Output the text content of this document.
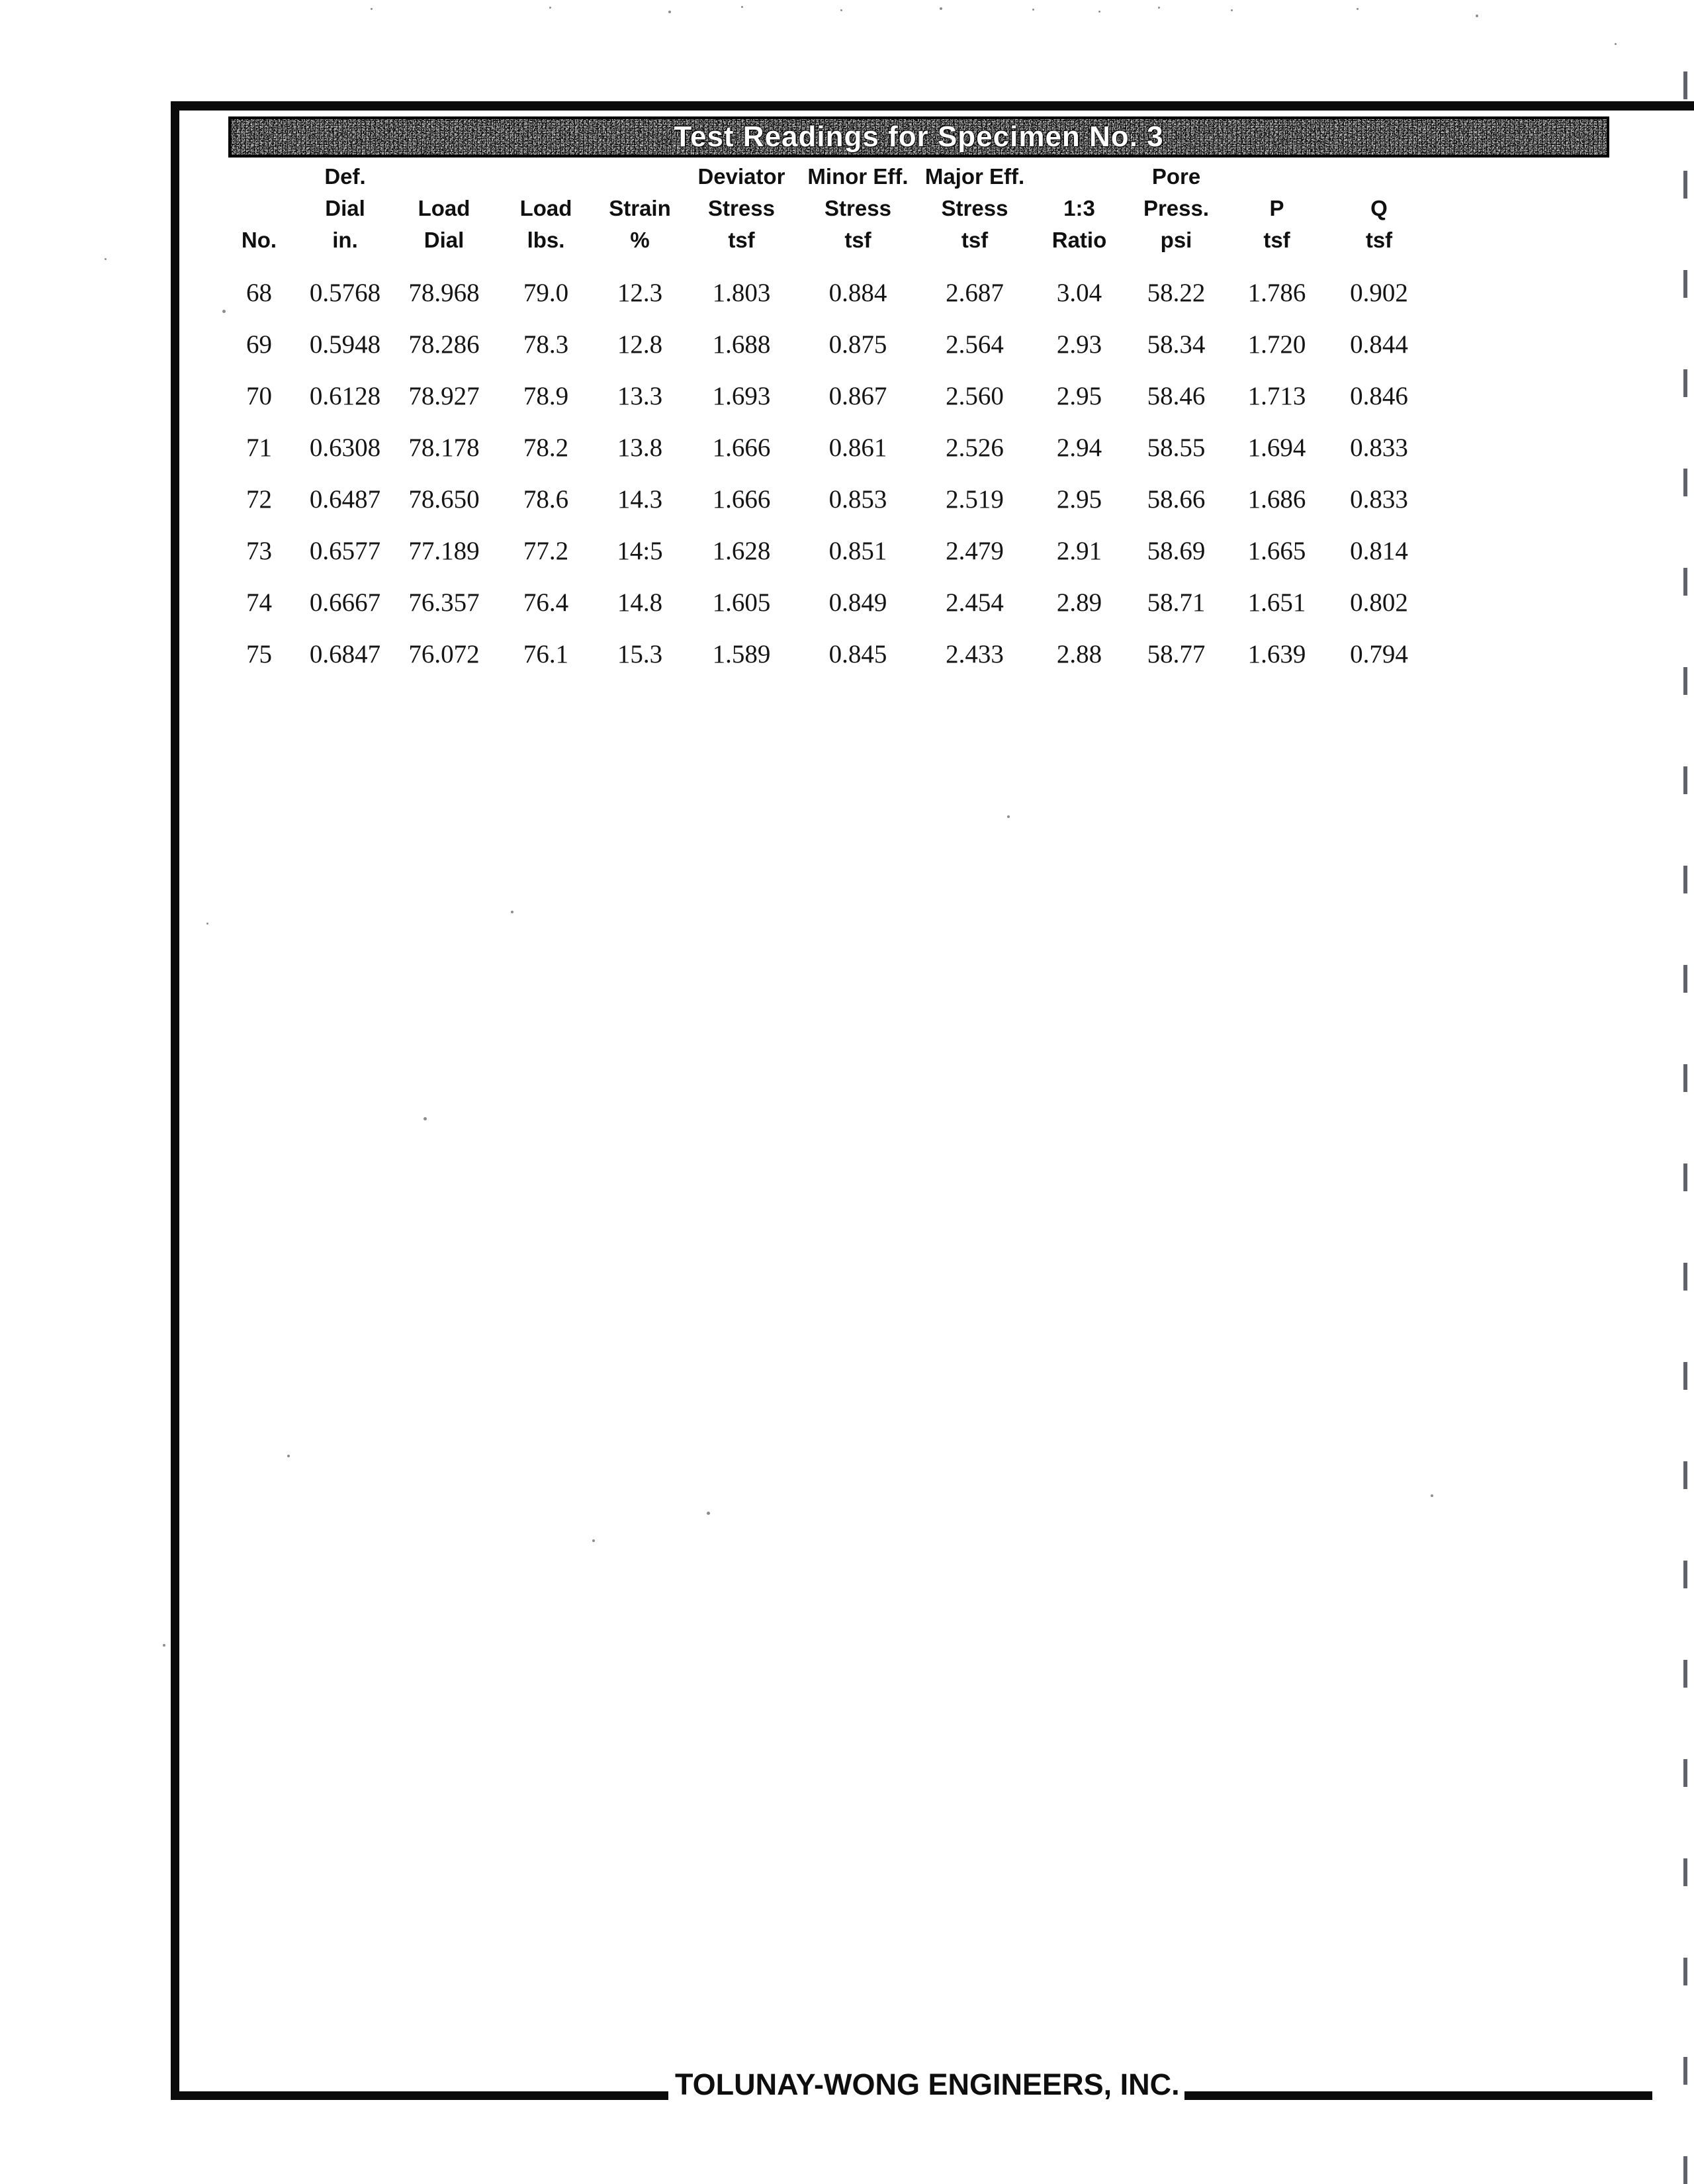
Test Readings for Specimen No. 3
	Def.				Deviator	Minor Eff.	Major Eff.		Pore		
	Dial	Load	Load	Strain	Stress	Stress	Stress	1:3	Press.	P	Q
No.	in.	Dial	lbs.	%	tsf	tsf	tsf	Ratio	psi	tsf	tsf
68	0.5768	78.968	79.0	12.3	1.803	0.884	2.687	3.04	58.22	1.786	0.902
69	0.5948	78.286	78.3	12.8	1.688	0.875	2.564	2.93	58.34	1.720	0.844
70	0.6128	78.927	78.9	13.3	1.693	0.867	2.560	2.95	58.46	1.713	0.846
71	0.6308	78.178	78.2	13.8	1.666	0.861	2.526	2.94	58.55	1.694	0.833
72	0.6487	78.650	78.6	14.3	1.666	0.853	2.519	2.95	58.66	1.686	0.833
73	0.6577	77.189	77.2	14:5	1.628	0.851	2.479	2.91	58.69	1.665	0.814
74	0.6667	76.357	76.4	14.8	1.605	0.849	2.454	2.89	58.71	1.651	0.802
75	0.6847	76.072	76.1	15.3	1.589	0.845	2.433	2.88	58.77	1.639	0.794
TOLUNAY-WONG ENGINEERS, INC.
